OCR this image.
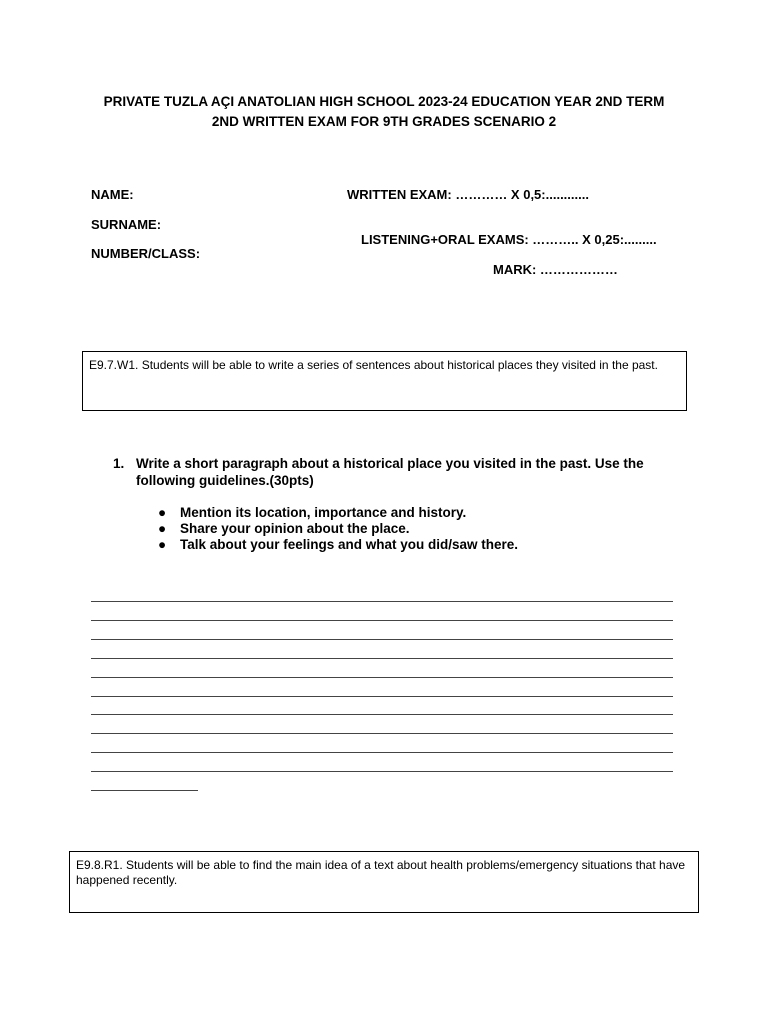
PRIVATE TUZLA AÇI ANATOLIAN HIGH SCHOOL 2023-24 EDUCATION YEAR 2ND TERM
2ND WRITTEN EXAM FOR 9TH GRADES SCENARIO 2
NAME:
SURNAME:
NUMBER/CLASS:
WRITTEN EXAM: ………… X 0,5:............
LISTENING+ORAL EXAMS: ……….. X 0,25:.........
MARK: ………………
E9.7.W1. Students will be able to write a series of sentences about historical places they visited in the past.
1. Write a short paragraph about a historical place you visited in the past. Use the following guidelines.(30pts)
● Mention its location, importance and history.
● Share your opinion about the place.
● Talk about your feelings and what you did/saw there.
E9.8.R1. Students will be able to find the main idea of a text about health problems/emergency situations that have happened recently.
